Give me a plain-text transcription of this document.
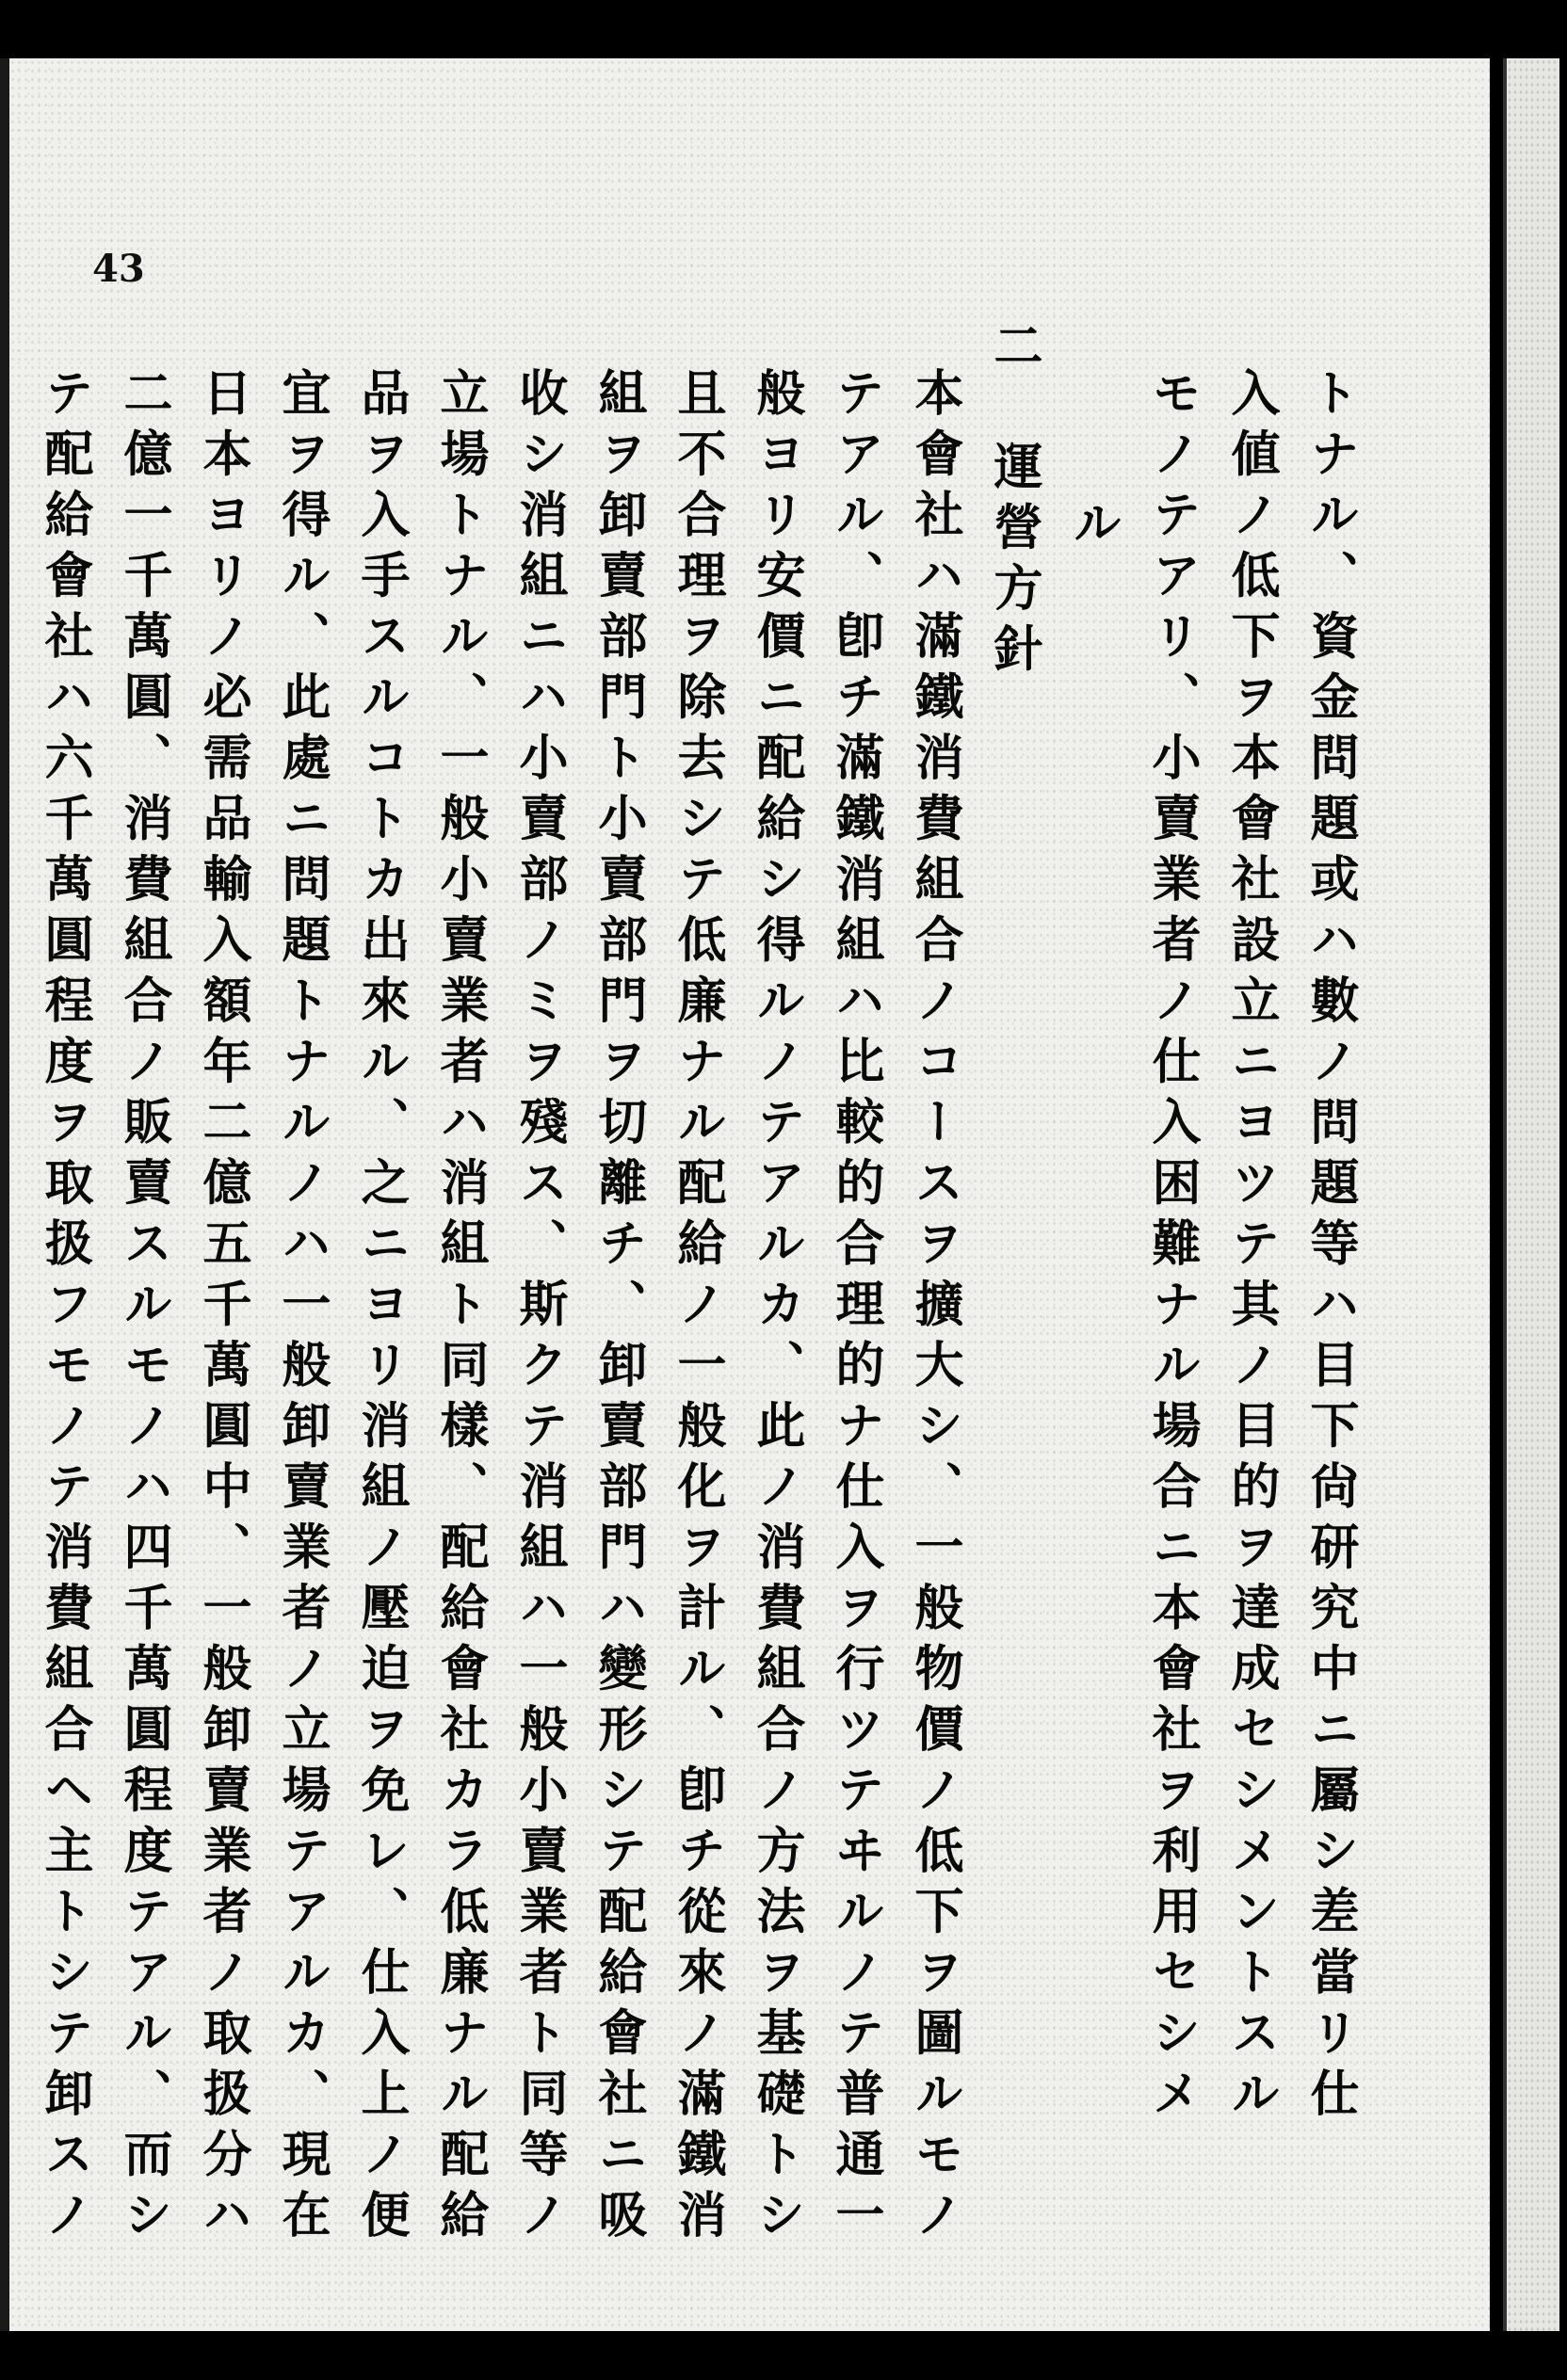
43
トナル、資金問題或ハ數ノ問題等ハ目下尙研究中ニ屬シ差當リ仕
入値ノ低下ヲ本會社設立ニヨツテ其ノ目的ヲ達成セシメントスル
モノテアリ、小賣業者ノ仕入困難ナル場合ニ本會社ヲ利用セシメ
ル
二
運營方針
本會社ハ滿鐵消費組合ノコースヲ擴大シ、一般物價ノ低下ヲ圖ルモノ
テアル、卽チ滿鐵消組ハ比較的合理的ナ仕入ヲ行ツテヰルノテ普通一
般ヨリ安價ニ配給シ得ルノテアルカ、此ノ消費組合ノ方法ヲ基礎トシ
且不合理ヲ除去シテ低廉ナル配給ノ一般化ヲ計ル、卽チ從來ノ滿鐵消
組ヲ卸賣部門ト小賣部門ヲ切離チ、卸賣部門ハ變形シテ配給會社ニ吸
收シ消組ニハ小賣部ノミヲ殘ス、斯クテ消組ハ一般小賣業者ト同等ノ
立場トナル、一般小賣業者ハ消組ト同樣、配給會社カラ低廉ナル配給
品ヲ入手スルコトカ出來ル、之ニヨリ消組ノ壓迫ヲ免レ、仕入上ノ便
宜ヲ得ル、此處ニ問題トナルノハ一般卸賣業者ノ立場テアルカ、現在
日本ヨリノ必需品輸入額年二億五千萬圓中、一般卸賣業者ノ取扱分ハ
二億一千萬圓、消費組合ノ販賣スルモノハ四千萬圓程度テアル、而シ
テ配給會社ハ六千萬圓程度ヲ取扱フモノテ消費組合ヘ主トシテ卸スノ
